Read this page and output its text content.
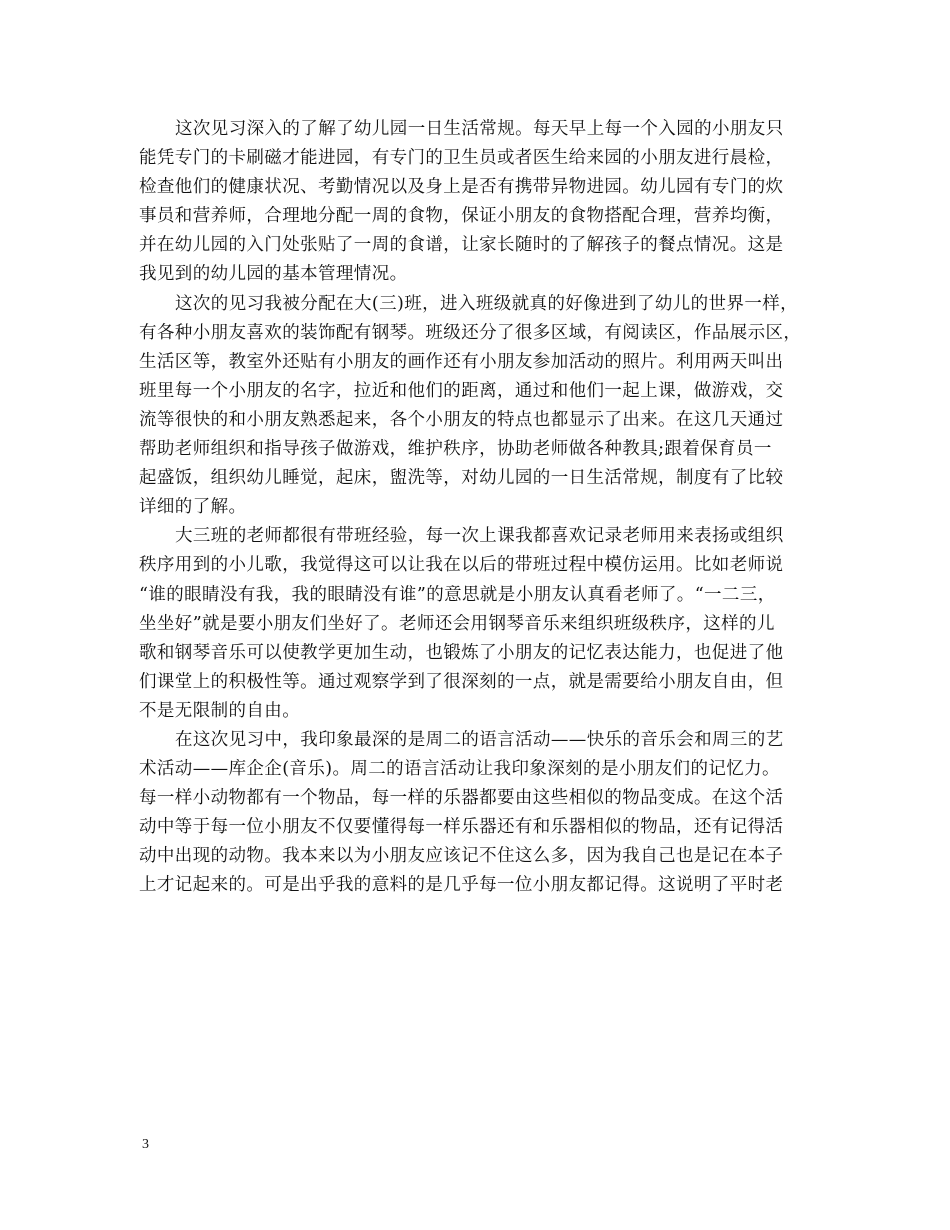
这次见习深入的了解了幼儿园一日生活常规。每天早上每一个入园的小朋友只
能凭专门的卡刷磁才能进园，有专门的卫生员或者医生给来园的小朋友进行晨检，
检查他们的健康状况、考勤情况以及身上是否有携带异物进园。幼儿园有专门的炊
事员和营养师，合理地分配一周的食物，保证小朋友的食物搭配合理，营养均衡，
并在幼儿园的入门处张贴了一周的食谱，让家长随时的了解孩子的餐点情况。这是
我见到的幼儿园的基本管理情况。
这次的见习我被分配在大(三)班，进入班级就真的好像进到了幼儿的世界一样，
有各种小朋友喜欢的装饰配有钢琴。班级还分了很多区域，有阅读区，作品展示区，
生活区等，教室外还贴有小朋友的画作还有小朋友参加活动的照片。利用两天叫出
班里每一个小朋友的名字，拉近和他们的距离，通过和他们一起上课，做游戏，交
流等很快的和小朋友熟悉起来，各个小朋友的特点也都显示了出来。在这几天通过
帮助老师组织和指导孩子做游戏，维护秩序，协助老师做各种教具;跟着保育员一
起盛饭，组织幼儿睡觉，起床，盥洗等，对幼儿园的一日生活常规，制度有了比较
详细的了解。
大三班的老师都很有带班经验，每一次上课我都喜欢记录老师用来表扬或组织
秩序用到的小儿歌，我觉得这可以让我在以后的带班过程中模仿运用。比如老师说
“谁的眼睛没有我，我的眼睛没有谁”的意思就是小朋友认真看老师了。“一二三，
坐坐好”就是要小朋友们坐好了。老师还会用钢琴音乐来组织班级秩序，这样的儿
歌和钢琴音乐可以使教学更加生动，也锻炼了小朋友的记忆表达能力，也促进了他
们课堂上的积极性等。通过观察学到了很深刻的一点，就是需要给小朋友自由，但
不是无限制的自由。
在这次见习中，我印象最深的是周二的语言活动——快乐的音乐会和周三的艺
术活动——库企企(音乐)。周二的语言活动让我印象深刻的是小朋友们的记忆力。
每一样小动物都有一个物品，每一样的乐器都要由这些相似的物品变成。在这个活
动中等于每一位小朋友不仅要懂得每一样乐器还有和乐器相似的物品，还有记得活
动中出现的动物。我本来以为小朋友应该记不住这么多，因为我自己也是记在本子
上才记起来的。可是出乎我的意料的是几乎每一位小朋友都记得。这说明了平时老
3
